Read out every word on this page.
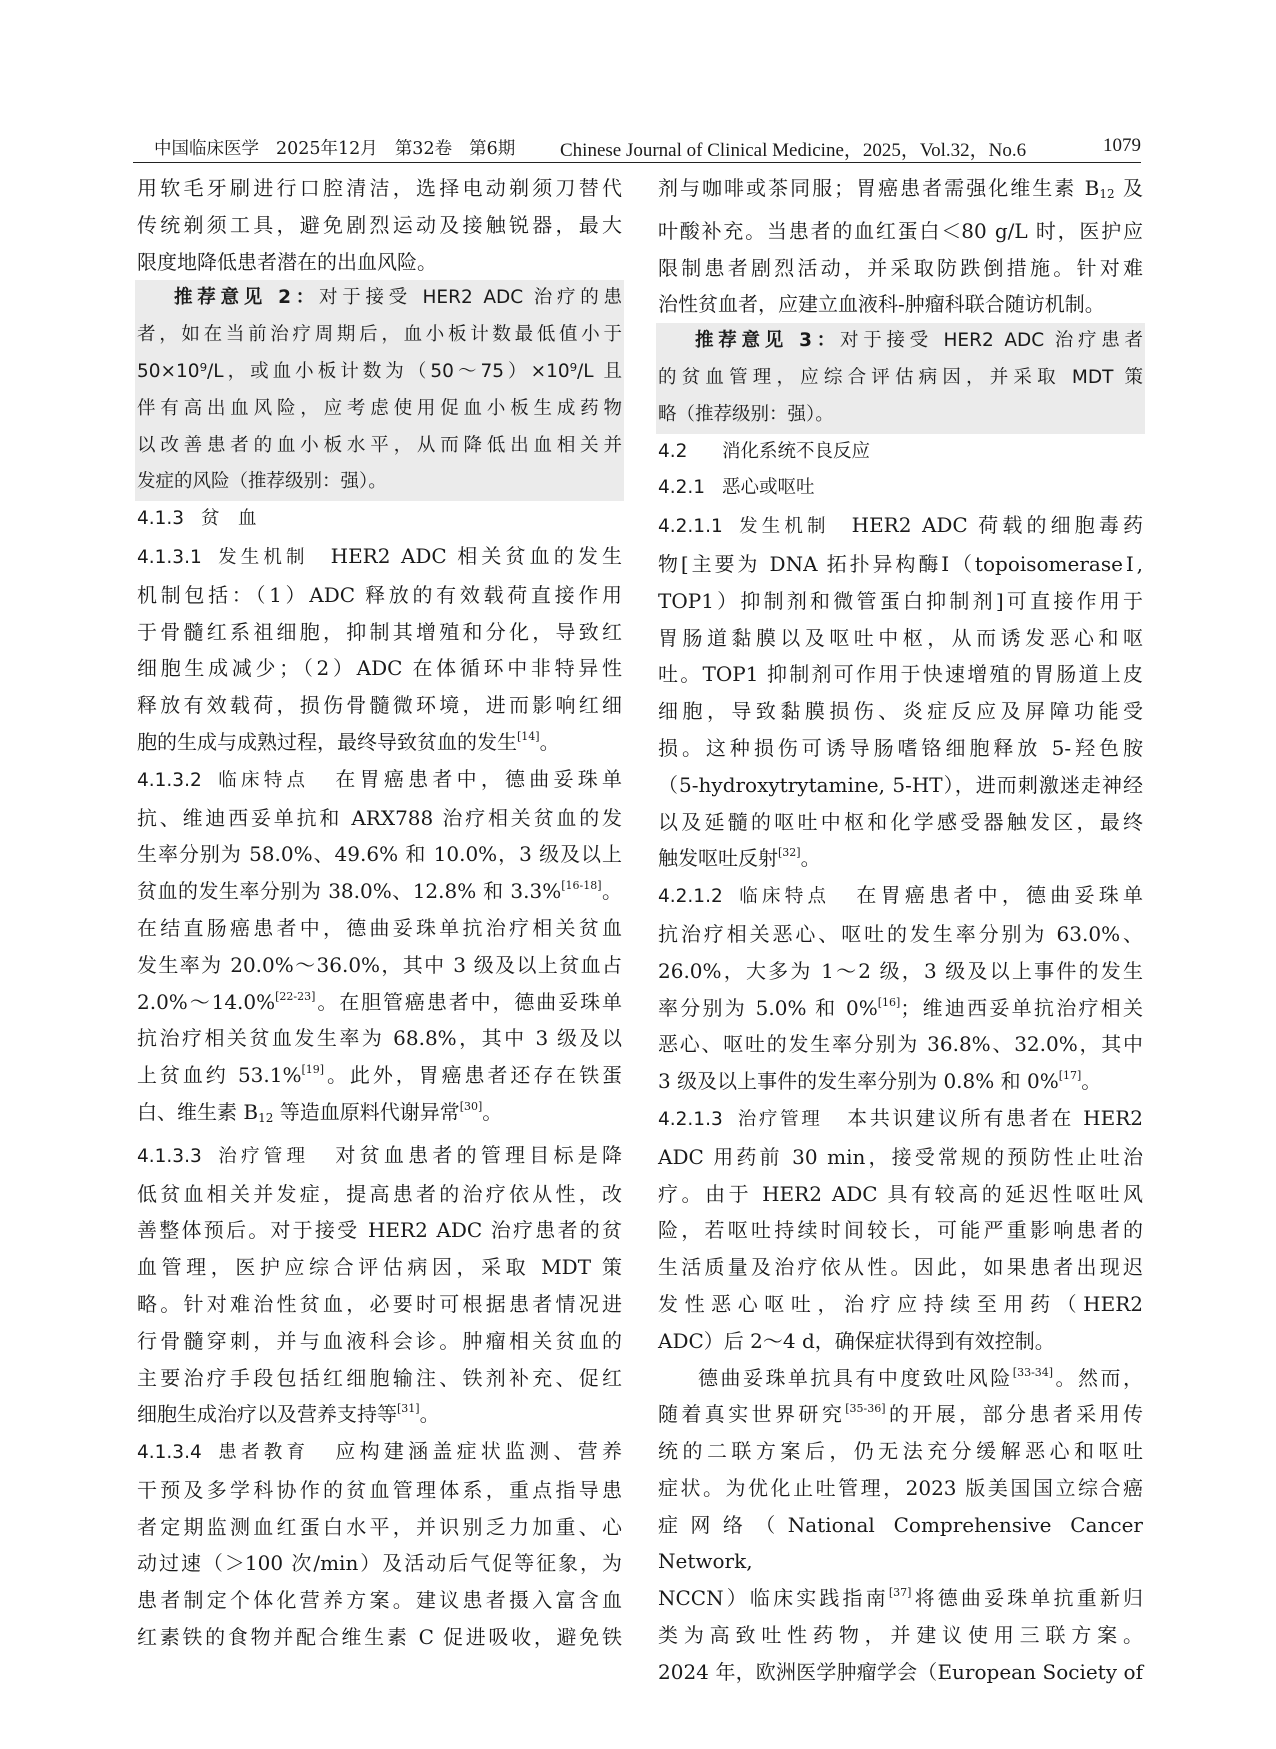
中国临床医学 2025年12月 第32卷 第6期	Chinese Journal of Clinical Medicine，2025，Vol.32，No.6	1079

用软毛牙刷进行口腔清洁，选择电动剃须刀替代

传统剃须工具，避免剧烈运动及接触锐器，最大

限度地降低患者潜在的出血风险。

推荐意见 2：对于接受 HER2 ADC 治疗的患

者，如在当前治疗周期后，血小板计数最低值小于

50×10⁹/L，或血小板计数为（50～75）×10⁹/L 且

伴有高出血风险，应考虑使用促血小板生成药物

以改善患者的血小板水平，从而降低出血相关并

发症的风险（推荐级别：强）。

4.1.3 贫　血

4.1.3.1 发生机制 HER2 ADC 相关贫血的发生

机制包括：（1）ADC 释放的有效载荷直接作用

于骨髓红系祖细胞，抑制其增殖和分化，导致红

细胞生成减少；（2）ADC 在体循环中非特异性

释放有效载荷，损伤骨髓微环境，进而影响红细

胞的生成与成熟过程，最终导致贫血的发生[14]。

4.1.3.2 临床特点 在胃癌患者中，德曲妥珠单

抗、维迪西妥单抗和 ARX788 治疗相关贫血的发

生率分别为 58.0%、49.6% 和 10.0%，3 级及以上

贫血的发生率分别为 38.0%、12.8% 和 3.3%[16-18]。

在结直肠癌患者中，德曲妥珠单抗治疗相关贫血

发生率为 20.0%～36.0%，其中 3 级及以上贫血占

2.0%～14.0%[22-23]。在胆管癌患者中，德曲妥珠单

抗治疗相关贫血发生率为 68.8%，其中 3 级及以

上贫血约 53.1%[19]。此外，胃癌患者还存在铁蛋

白、维生素 $B_{12}$ 等造血原料代谢异常[30]。

4.1.3.3 治疗管理 对贫血患者的管理目标是降

低贫血相关并发症，提高患者的治疗依从性，改

善整体预后。对于接受 HER2 ADC 治疗患者的贫

血管理，医护应综合评估病因，采取 MDT 策

略。针对难治性贫血，必要时可根据患者情况进

行骨髓穿刺，并与血液科会诊。肿瘤相关贫血的

主要治疗手段包括红细胞输注、铁剂补充、促红

细胞生成治疗以及营养支持等[31]。

4.1.3.4 患者教育 应构建涵盖症状监测、营养

干预及多学科协作的贫血管理体系，重点指导患

者定期监测血红蛋白水平，并识别乏力加重、心

动过速（＞100 次/min）及活动后气促等征象，为

患者制定个体化营养方案。建议患者摄入富含血

红素铁的食物并配合维生素 C 促进吸收，避免铁

剂与咖啡或茶同服；胃癌患者需强化维生素 $B_{12}$ 及

叶酸补充。当患者的血红蛋白＜80 g/L 时，医护应

限制患者剧烈活动，并采取防跌倒措施。针对难

治性贫血者，应建立血液科-肿瘤科联合随访机制。

推荐意见 3：对于接受 HER2 ADC 治疗患者

的贫血管理，应综合评估病因，并采取 MDT 策

略（推荐级别：强）。

4.2 消化系统不良反应

4.2.1 恶心或呕吐

4.2.1.1 发生机制 HER2 ADC 荷载的细胞毒药

物[主要为 DNA 拓扑异构酶Ⅰ（topoisomeraseⅠ,

TOP1）抑制剂和微管蛋白抑制剂]可直接作用于

胃肠道黏膜以及呕吐中枢，从而诱发恶心和呕

吐。TOP1 抑制剂可作用于快速增殖的胃肠道上皮

细胞，导致黏膜损伤、炎症反应及屏障功能受

损。这种损伤可诱导肠嗜铬细胞释放 5-羟色胺

（5-hydroxytrytamine, 5-HT），进而刺激迷走神经

以及延髓的呕吐中枢和化学感受器触发区，最终

触发呕吐反射[32]。

4.2.1.2 临床特点 在胃癌患者中，德曲妥珠单

抗治疗相关恶心、呕吐的发生率分别为 63.0%、

26.0%，大多为 1～2 级，3 级及以上事件的发生

率分别为 5.0% 和 0%[16]；维迪西妥单抗治疗相关

恶心、呕吐的发生率分别为 36.8%、32.0%，其中

3 级及以上事件的发生率分别为 0.8% 和 0%[17]。

4.2.1.3 治疗管理 本共识建议所有患者在 HER2

ADC 用药前 30 min，接受常规的预防性止吐治

疗。由于 HER2 ADC 具有较高的延迟性呕吐风

险，若呕吐持续时间较长，可能严重影响患者的

生活质量及治疗依从性。因此，如果患者出现迟

发性恶心呕吐，治疗应持续至用药（HER2

ADC）后 2～4 d，确保症状得到有效控制。

德曲妥珠单抗具有中度致吐风险[33-34]。然而，

随着真实世界研究[35-36]的开展，部分患者采用传

统的二联方案后，仍无法充分缓解恶心和呕吐

症状。为优化止吐管理，2023 版美国国立综合癌

症网络（National Comprehensive Cancer Network,

NCCN）临床实践指南[37]将德曲妥珠单抗重新归

类为高致吐性药物，并建议使用三联方案。

2024 年，欧洲医学肿瘤学会（European Society of
